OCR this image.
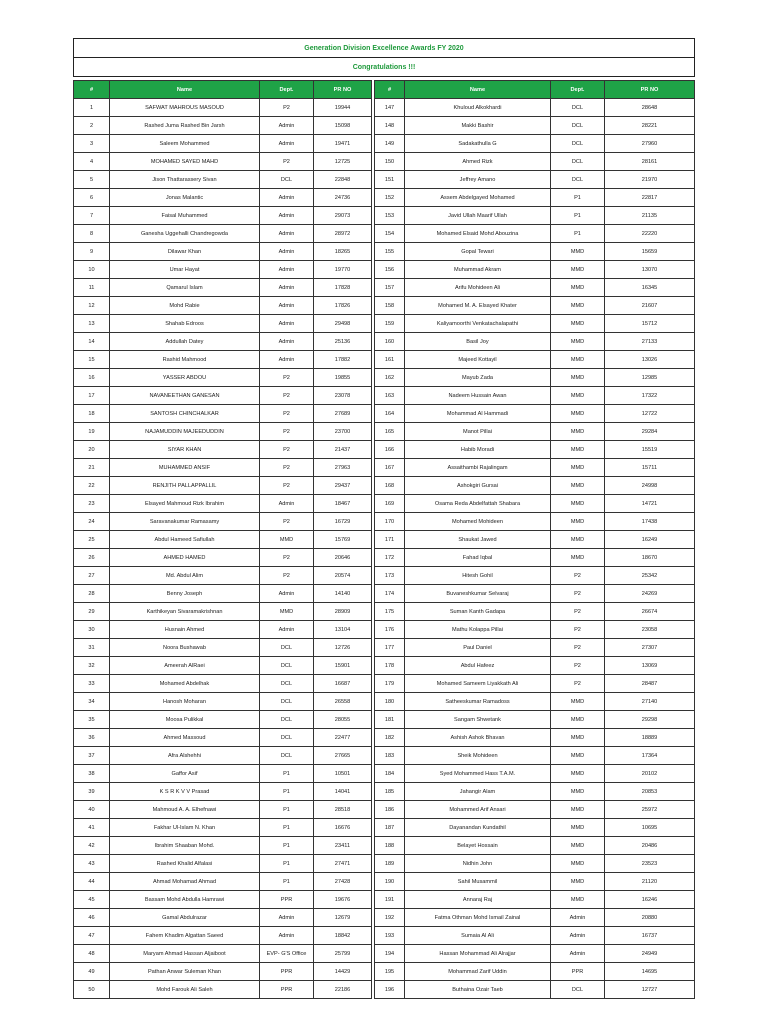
Generation Division Excellence Awards FY 2020
Congratulations !!!
#	Name	Dept.	PR NO
1	SAFWAT MAHROUS MASOUD	P2	19944
2	Rashed Juma Rashed Bin Jarsh	Admin	15098
3	Saleem Mohammed	Admin	19471
4	MOHAMED SAYED MAHD	P2	12725
5	Jison Thattarassery Sivan	DCL	22848
6	Jonas Malantic	Admin	24736
7	Faisal Muhammed	Admin	29073
8	Ganesha Uggehalli Chandregowda	Admin	28972
9	Dilawar Khan	Admin	18265
10	Umar Hayat	Admin	19770
11	Qamarul Islam	Admin	17828
12	Mohd Rabie	Admin	17826
13	Shahab Edroos	Admin	29498
14	Addullah Datey	Admin	25136
15	Rashid Mahmood	Admin	17882
16	YASSER ABDOU	P2	19855
17	NAVANEETHAN GANESAN	P2	23078
18	SANTOSH CHINCHALKAR	P2	27689
19	NAJAMUDDIN MAJEEDUDDIN	P2	23700
20	SIYAR KHAN	P2	21437
21	MUHAMMED ANSIF	P2	27963
22	RENJITH PALLAPPALLIL	P2	29437
23	Elsayed Mahmoud Rizk Ibrahim	Admin	18467
24	Saravanakumar Ramasamy	P2	16729
25	Abdul Hameed Safiullah	MMD	15769
26	AHMED HAMED	P2	20646
27	Md. Abdul Alim	P2	20574
28	Benny Joseph	Admin	14140
29	Karthikeyan Sivaramakrishnan	MMD	28909
30	Husnain Ahmed	Admin	13104
31	Noora Bushawab	DCL	12726
32	Ameerah AlRaei	DCL	15901
33	Mohamed Abdelhak	DCL	16687
34	Hanosh Moharan	DCL	26558
35	Moosa Pulikkal	DCL	28055
36	Ahmed Massoud	DCL	22477
37	Afra Alshehhi	DCL	27665
38	Gaffor Asif	P1	10501
39	K S R K V V Prasad	P1	14041
40	Mahmoud A. A. Elhefnawi	P1	28518
41	Fakhar Ul-Islam N. Khan	P1	16676
42	Ibrahim Shaaban Mohd.	P1	23411
43	Rashed Khalid Alfalasi	P1	27471
44	Ahmad Mohamad Ahmad	P1	27428
45	Bassam Mohd Abdulla Hamrawi	PPR	19676
46	Gamal Abdulrazar	Admin	12679
47	Fahem Khadim Algattan Saeed	Admin	18842
48	Maryam Ahmad Hassan Aljaiboot	EVP- G'S Office	25799
49	Pathan Anwar Suleman Khan	PPR	14429
50	Mohd Farouk Ali Saleh	PPR	22186
#	Name	Dept.	PR NO
147	Khuloud Alkokhardi	DCL	28648
148	Makki Bashir	DCL	28221
149	Sadakathulla G	DCL	27960
150	Ahmed Rizk	DCL	28161
151	Jeffrey Amano	DCL	21970
152	Assem Abdelgayed Mohamed	P1	22817
153	Javid Ullah Maarif Ullah	P1	21135
154	Mohamed Elsaid Mohd Abouzina	P1	22220
155	Gopal Tewari	MMD	15659
156	Muhammad Akram	MMD	13070
157	Arifu Mohideen Ali	MMD	16345
158	Mohamed M. A. Elsayed Khater	MMD	21607
159	Kaliyamoorthi Venkatachalapathi	MMD	15712
160	Basil Joy	MMD	27133
161	Majeed Kottayil	MMD	13026
162	Mayub Zada	MMD	12985
163	Nadeem Hussain Awan	MMD	17322
164	Mohammad Al Hammadi	MMD	12722
165	Manot Pillai	MMD	29284
166	Habib Moradi	MMD	15519
167	Assaithambi Rajalingam	MMD	15711
168	Ashokgiri Gursai	MMD	24998
169	Osama Reda Abdelfattah Shabara	MMD	14721
170	Mohamed Mohideen	MMD	17438
171	Shaukat Jawed	MMD	16249
172	Fahad Iqbal	MMD	18670
173	Hitesh Gohil	P2	25342
174	Buvaneshkumar Selvaraj	P2	24269
175	Suman Kanth Gadapa	P2	26674
176	Mathu Kolappa Pillai	P2	23058
177	Paul Daniel	P2	27307
178	Abdul Hafeez	P2	13069
179	Mohamed Sameem Liyakkath Ali	P2	28487
180	Satheeskumar Ramadoss	MMD	27140
181	Sangam Shwetank	MMD	29298
182	Ashish Ashok Bhavan	MMD	18889
183	Sheik Mohideen	MMD	17364
184	Syed Mohammed Hass T.A.M.	MMD	20102
185	Jahangir Alam	MMD	20853
186	Mohammed Arif Ansari	MMD	25972
187	Dayanandan Kundathil	MMD	10695
188	Belayet Hossain	MMD	20486
189	Nidhin John	MMD	23523
190	Sahil Musammil	MMD	21120
191	Annaraj Raj	MMD	16246
192	Fatma Othman Mohd Ismail Zainal	Admin	20880
193	Sumaia Al Ali	Admin	16737
194	Hassan Mohammad Ali Alrajjar	Admin	24949
195	Mohammad Zarif Uddin	PPR	14695
196	Buthaina Ozair Taeb	DCL	12727
